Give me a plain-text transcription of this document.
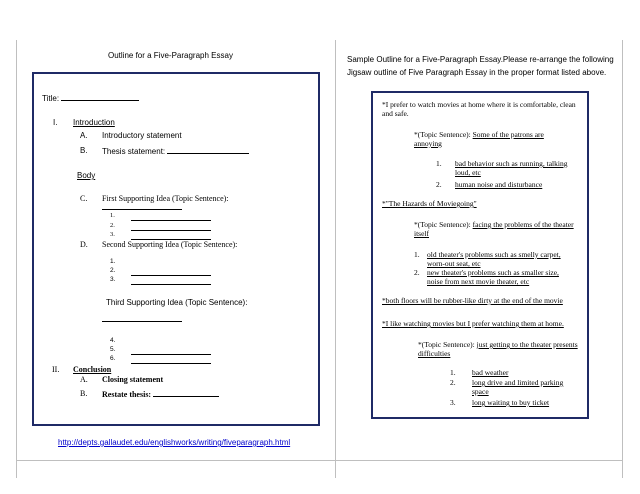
Outline for a Five-Paragraph Essay
Title:
I. Introduction
A. Introductory statement
B. Thesis statement:
Body
C. First Supporting Idea (Topic Sentence):
1.
2.
3.
D. Second Supporting Idea (Topic Sentence):
1.
2.
3.
Third Supporting Idea (Topic Sentence):
4.
5.
6.
II. Conclusion
A. Closing statement
B. Restate thesis:
http://depts.gallaudet.edu/englishworks/writing/fiveparagraph.html
Sample Outline for a Five-Paragraph Essay.Please re-arrange the following
Jigsaw outline of Five Paragraph Essay in the proper format listed above.
*I prefer to watch movies at home where it is comfortable, clean and safe.
*(Topic Sentence): Some of the patrons are annoying
1. bad behavior such as running, talking loud, etc
2. human noise and disturbance
*"The Hazards of Moviegoing"
*(Topic Sentence): facing the problems of the theater itself
1. old theater's problems such as smelly carpet, worn-out seat, etc
2. new theater's problems such as smaller size, noise from next movie theater, etc
*both floors will be rubber-like dirty at the end of the movie
*I like watching movies but I prefer watching them at home.
*(Topic Sentence): just getting to the theater presents difficulties
1. bad weather
2. long drive and limited parking space
3. long waiting to buy ticket
